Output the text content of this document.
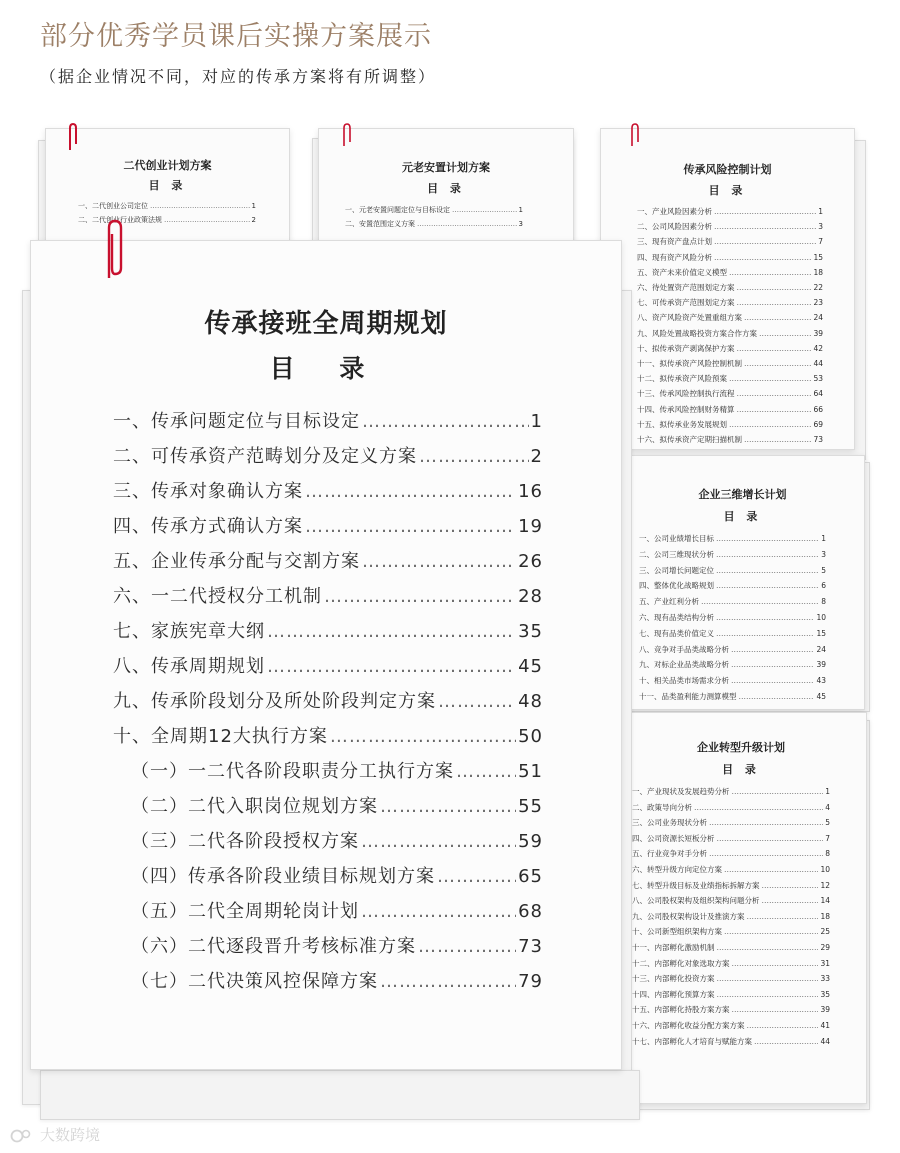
部分优秀学员课后实操方案展示
（据企业情况不同，对应的传承方案将有所调整）
二代创业计划方案
目 录
一、二代创业公司定位 …………………………………………………………………………………………………………………………………………………………	1
二、二代创业行业政策法规 …………………………………………………………………………………………………………………………………………………………	2
元老安置计划方案
目 录
一、元老安置问题定位与目标设定 …………………………………………………………………………………………………………………………………………………………	1
二、安置范围定义方案 …………………………………………………………………………………………………………………………………………………………	3
传承风险控制计划
目 录
一、产业风险因素分析 …………………………………………………………………………………………………………………………………………………………	1
二、公司风险因素分析 …………………………………………………………………………………………………………………………………………………………	3
三、现有资产盘点计划 …………………………………………………………………………………………………………………………………………………………	7
四、现有资产风险分析 …………………………………………………………………………………………………………………………………………………………	15
五、资产未来价值定义模型 …………………………………………………………………………………………………………………………………………………………	18
六、待处置资产范围划定方案 …………………………………………………………………………………………………………………………………………………………	22
七、可传承资产范围划定方案 …………………………………………………………………………………………………………………………………………………………	23
八、资产风险资产处置重组方案 …………………………………………………………………………………………………………………………………………………………	24
九、风险处置战略投资方案合作方案 …………………………………………………………………………………………………………………………………………………………	39
十、拟传承资产剥离保护方案 …………………………………………………………………………………………………………………………………………………………	42
十一、拟传承资产风险控制机制 …………………………………………………………………………………………………………………………………………………………	44
十二、拟传承资产风险预案 …………………………………………………………………………………………………………………………………………………………	53
十三、传承风险控制执行流程 …………………………………………………………………………………………………………………………………………………………	64
十四、传承风险控制财务精算 …………………………………………………………………………………………………………………………………………………………	66
十五、拟传承业务发展规划 …………………………………………………………………………………………………………………………………………………………	69
十六、拟传承资产定期扫描机制 …………………………………………………………………………………………………………………………………………………………	73
企业三维增长计划
目 录
一、公司业绩增长目标 …………………………………………………………………………………………………………………………………………………………	1
二、公司三维现状分析 …………………………………………………………………………………………………………………………………………………………	3
三、公司增长问题定位 …………………………………………………………………………………………………………………………………………………………	5
四、整体优化战略规划 …………………………………………………………………………………………………………………………………………………………	6
五、产业红利分析 …………………………………………………………………………………………………………………………………………………………	8
六、现有品类结构分析 …………………………………………………………………………………………………………………………………………………………	10
七、现有品类价值定义 …………………………………………………………………………………………………………………………………………………………	15
八、竞争对手品类战略分析 …………………………………………………………………………………………………………………………………………………………	24
九、对标企业品类战略分析 …………………………………………………………………………………………………………………………………………………………	39
十、相关品类市场需求分析 …………………………………………………………………………………………………………………………………………………………	43
十一、品类盈利能力测算模型 …………………………………………………………………………………………………………………………………………………………	45
企业转型升级计划
目 录
一、产业现状及发展趋势分析 …………………………………………………………………………………………………………………………………………………………	1
二、政策导向分析 …………………………………………………………………………………………………………………………………………………………	4
三、公司业务现状分析 …………………………………………………………………………………………………………………………………………………………	5
四、公司资源长短板分析 …………………………………………………………………………………………………………………………………………………………	7
五、行业竞争对手分析 …………………………………………………………………………………………………………………………………………………………	8
六、转型升级方向定位方案 …………………………………………………………………………………………………………………………………………………………	10
七、转型升级目标及业绩指标拆解方案 …………………………………………………………………………………………………………………………………………………………	12
八、公司股权架构及组织架构问题分析 …………………………………………………………………………………………………………………………………………………………	14
九、公司股权架构设计及推演方案 …………………………………………………………………………………………………………………………………………………………	18
十、公司新型组织架构方案 …………………………………………………………………………………………………………………………………………………………	25
十一、内部孵化激励机制 …………………………………………………………………………………………………………………………………………………………	29
十二、内部孵化对象选取方案 …………………………………………………………………………………………………………………………………………………………	31
十三、内部孵化投资方案 …………………………………………………………………………………………………………………………………………………………	33
十四、内部孵化预算方案 …………………………………………………………………………………………………………………………………………………………	35
十五、内部孵化持股方案方案 …………………………………………………………………………………………………………………………………………………………	39
十六、内部孵化收益分配方案方案 …………………………………………………………………………………………………………………………………………………………	41
十七、内部孵化人才培育与赋能方案 …………………………………………………………………………………………………………………………………………………………	44
传承接班全周期规划
目 录
一、传承问题定位与目标设定 …………………………………………………………………………………………………………………………………………………………	1
二、可传承资产范畴划分及定义方案 …………………………………………………………………………………………………………………………………………………………	2
三、传承对象确认方案 …………………………………………………………………………………………………………………………………………………………	16
四、传承方式确认方案 …………………………………………………………………………………………………………………………………………………………	19
五、企业传承分配与交割方案 …………………………………………………………………………………………………………………………………………………………	26
六、一二代授权分工机制 …………………………………………………………………………………………………………………………………………………………	28
七、家族宪章大纲 …………………………………………………………………………………………………………………………………………………………	35
八、传承周期规划 …………………………………………………………………………………………………………………………………………………………	45
九、传承阶段划分及所处阶段判定方案 …………………………………………………………………………………………………………………………………………………………	48
十、全周期12大执行方案 …………………………………………………………………………………………………………………………………………………………	50
（一）一二代各阶段职责分工执行方案 …………………………………………………………………………………………………………………………………………………………	51
（二）二代入职岗位规划方案 …………………………………………………………………………………………………………………………………………………………	55
（三）二代各阶段授权方案 …………………………………………………………………………………………………………………………………………………………	59
（四）传承各阶段业绩目标规划方案 …………………………………………………………………………………………………………………………………………………………	65
（五）二代全周期轮岗计划 …………………………………………………………………………………………………………………………………………………………	68
（六）二代逐段晋升考核标准方案 …………………………………………………………………………………………………………………………………………………………	73
（七）二代决策风控保障方案 …………………………………………………………………………………………………………………………………………………………	79
大数跨境
